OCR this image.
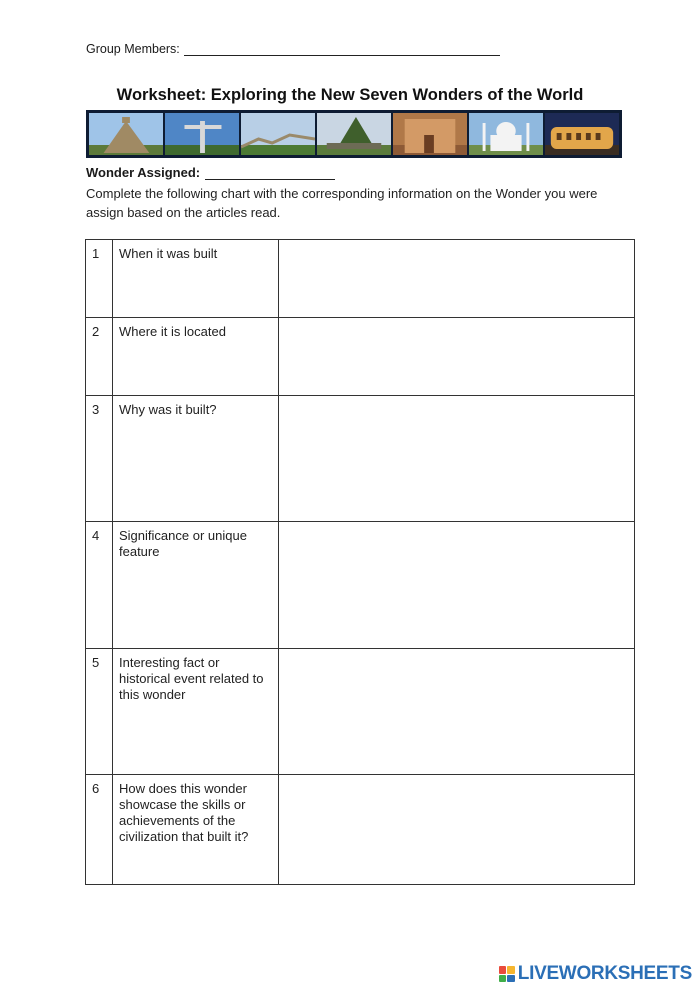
Group Members:
Worksheet: Exploring the New Seven Wonders of the World
Wonder Assigned:
Complete the following chart with the corresponding information on the Wonder you were assign based on the articles read.
1	When it was built	
2	Where it is located	
3	Why was it built?	
4	Significance or unique feature	
5	Interesting fact or historical event related to this wonder	
6	How does this wonder showcase the skills or achievements of the civilization that built it?	
LIVEWORKSHEETS
